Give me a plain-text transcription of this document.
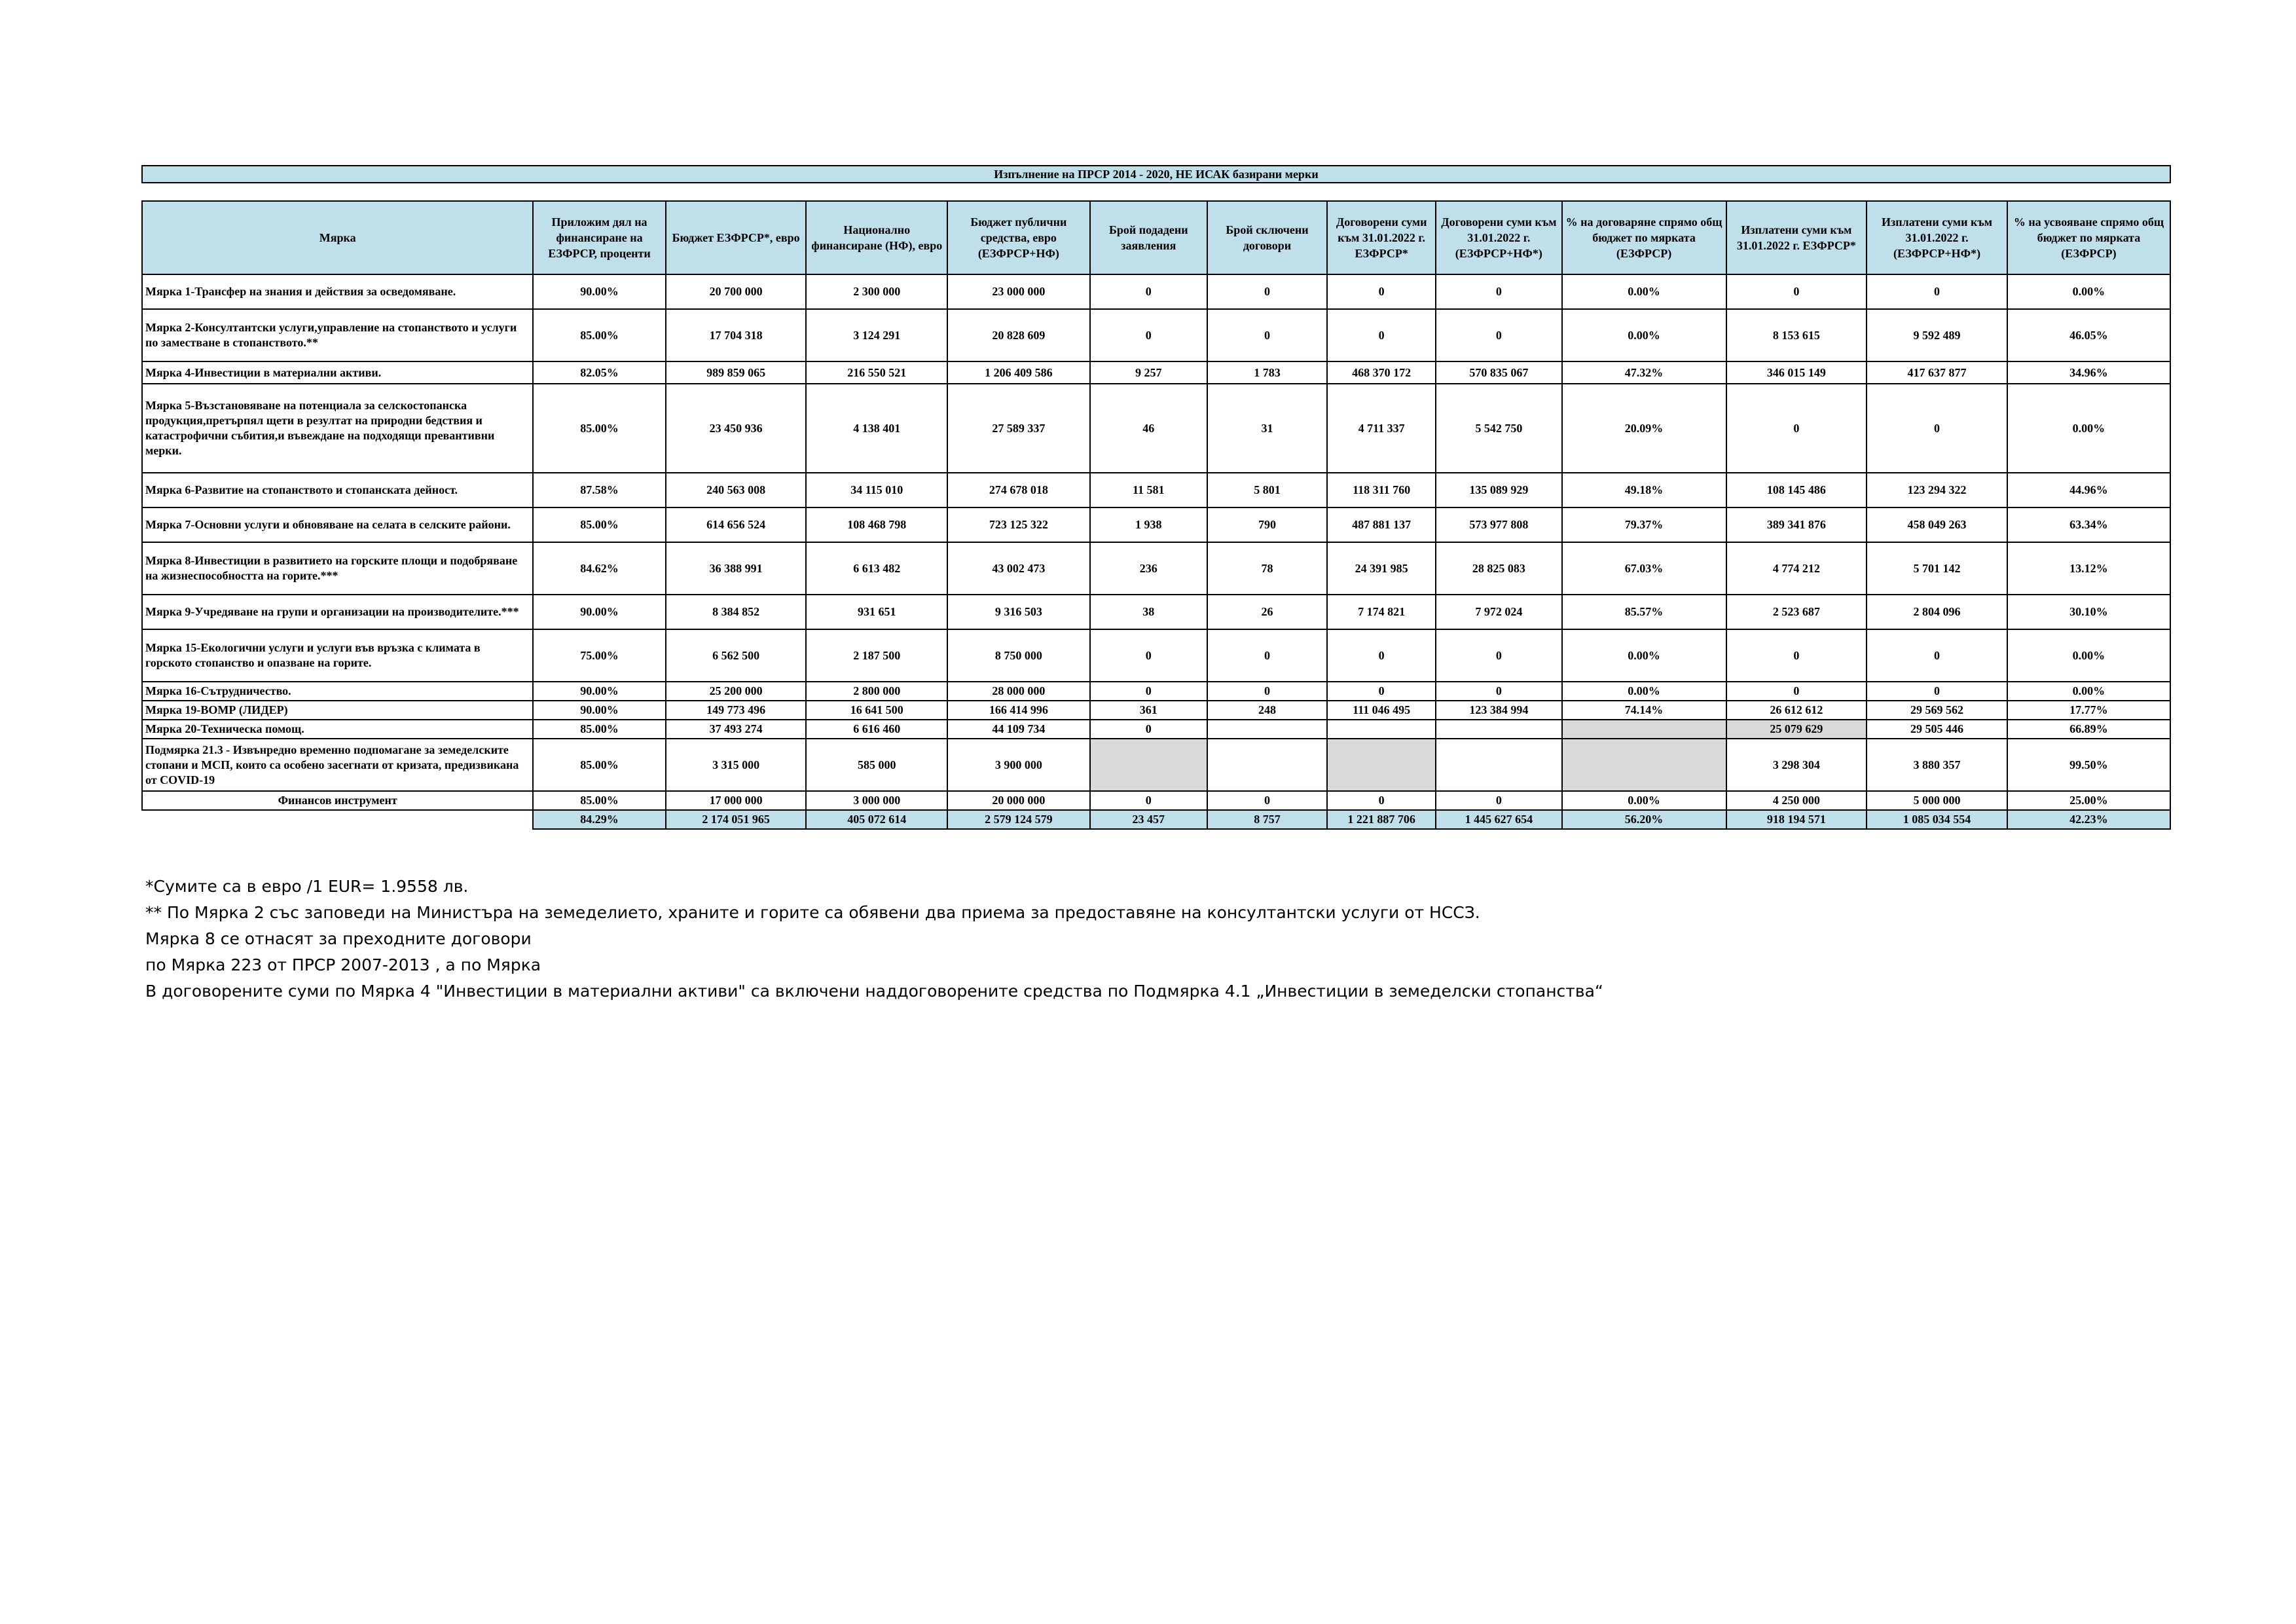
Изпълнение на ПРСР 2014 - 2020, НЕ ИСАК базирани мерки
Мярка	Приложим дял на финансиране на ЕЗФРСР, проценти	Бюджет ЕЗФРСР*, евро	Национално финансиране (НФ), евро	Бюджет публични средства, евро (ЕЗФРСР+НФ)	Брой подадени заявления	Брой сключени договори	Договорени суми към 31.01.2022 г. ЕЗФРСР*	Договорени суми към 31.01.2022 г. (ЕЗФРСР+НФ*)	% на договаряне спрямо общ бюджет по мярката (ЕЗФРСР)	Изплатени суми към 31.01.2022 г. ЕЗФРСР*	Изплатени суми към 31.01.2022 г. (ЕЗФРСР+НФ*)	% на усвояване спрямо общ бюджет по мярката (ЕЗФРСР)
Мярка 1-Трансфер на знания и действия за осведомяване.	90.00%	20 700 000	2 300 000	23 000 000	0	0	0	0	0.00%	0	0	0.00%
Мярка 2-Консултантски услуги,управление на стопанството и услуги по заместване в стопанството.**	85.00%	17 704 318	3 124 291	20 828 609	0	0	0	0	0.00%	8 153 615	9 592 489	46.05%
Мярка 4-Инвестиции в материални активи.	82.05%	989 859 065	216 550 521	1 206 409 586	9 257	1 783	468 370 172	570 835 067	47.32%	346 015 149	417 637 877	34.96%
Мярка 5-Възстановяване на потенциала за селскостопанска продукция,претърпял щети в резултат на природни бедствия и катастрофични събития,и въвеждане на подходящи превантивни мерки.	85.00%	23 450 936	4 138 401	27 589 337	46	31	4 711 337	5 542 750	20.09%	0	0	0.00%
Мярка 6-Развитие на стопанството и стопанската дейност.	87.58%	240 563 008	34 115 010	274 678 018	11 581	5 801	118 311 760	135 089 929	49.18%	108 145 486	123 294 322	44.96%
Мярка 7-Основни услуги и обновяване на селата в селските райони.	85.00%	614 656 524	108 468 798	723 125 322	1 938	790	487 881 137	573 977 808	79.37%	389 341 876	458 049 263	63.34%
Мярка 8-Инвестиции в развитието на горските площи и подобряване на жизнеспособността на горите.***	84.62%	36 388 991	6 613 482	43 002 473	236	78	24 391 985	28 825 083	67.03%	4 774 212	5 701 142	13.12%
Мярка 9-Учредяване на групи и организации на производителите.***	90.00%	8 384 852	931 651	9 316 503	38	26	7 174 821	7 972 024	85.57%	2 523 687	2 804 096	30.10%
Мярка 15-Екологични услуги и услуги във връзка с климата в горското стопанство и опазване на горите.	75.00%	6 562 500	2 187 500	8 750 000	0	0	0	0	0.00%	0	0	0.00%
Мярка 16-Сътрудничество.	90.00%	25 200 000	2 800 000	28 000 000	0	0	0	0	0.00%	0	0	0.00%
Мярка 19-ВОМР (ЛИДЕР)	90.00%	149 773 496	16 641 500	166 414 996	361	248	111 046 495	123 384 994	74.14%	26 612 612	29 569 562	17.77%
Мярка 20-Техническа помощ.	85.00%	37 493 274	6 616 460	44 109 734	0					25 079 629	29 505 446	66.89%
Подмярка 21.3 - Извънредно временно подпомагане за земеделските стопани и МСП, които са особено засегнати от кризата, предизвикана от COVID-19	85.00%	3 315 000	585 000	3 900 000						3 298 304	3 880 357	99.50%
Финансов инструмент	85.00%	17 000 000	3 000 000	20 000 000	0	0	0	0	0.00%	4 250 000	5 000 000	25.00%
	84.29%	2 174 051 965	405 072 614	2 579 124 579	23 457	8 757	1 221 887 706	1 445 627 654	56.20%	918 194 571	1 085 034 554	42.23%

*Сумите са в евро /1 EUR= 1.9558 лв.

** По Мярка 2 със заповеди на Министъра на земеделието, храните и горите са обявени два приема за предоставяне на консултантски услуги от НССЗ.

Мярка 8 се отнасят за преходните договори

по Мярка 223 от ПРСР 2007-2013 , а по Мярка

В договорените суми по Мярка 4 "Инвестиции в материални активи" са включени наддоговорените средства по Подмярка 4.1 „Инвестиции в земеделски стопанства“
